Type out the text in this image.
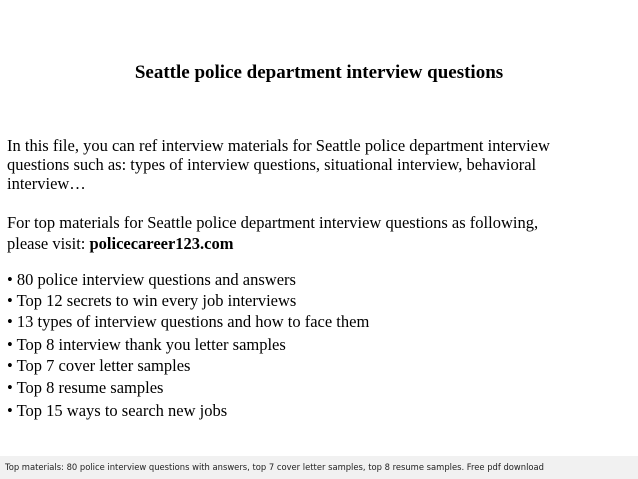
Seattle police department interview questions
In this file, you can ref interview materials for Seattle police department interview
questions such as: types of interview questions, situational interview, behavioral
interview…
For top materials for Seattle police department interview questions as following,
please visit: policecareer123.com
• 80 police interview questions and answers
• Top 12 secrets to win every job interviews
• 13 types of interview questions and how to face them
• Top 8 interview thank you letter samples
• Top 7 cover letter samples
• Top 8 resume samples
• Top 15 ways to search new jobs
Top materials: 80 police interview questions with answers, top 7 cover letter samples, top 8 resume samples. Free pdf download
